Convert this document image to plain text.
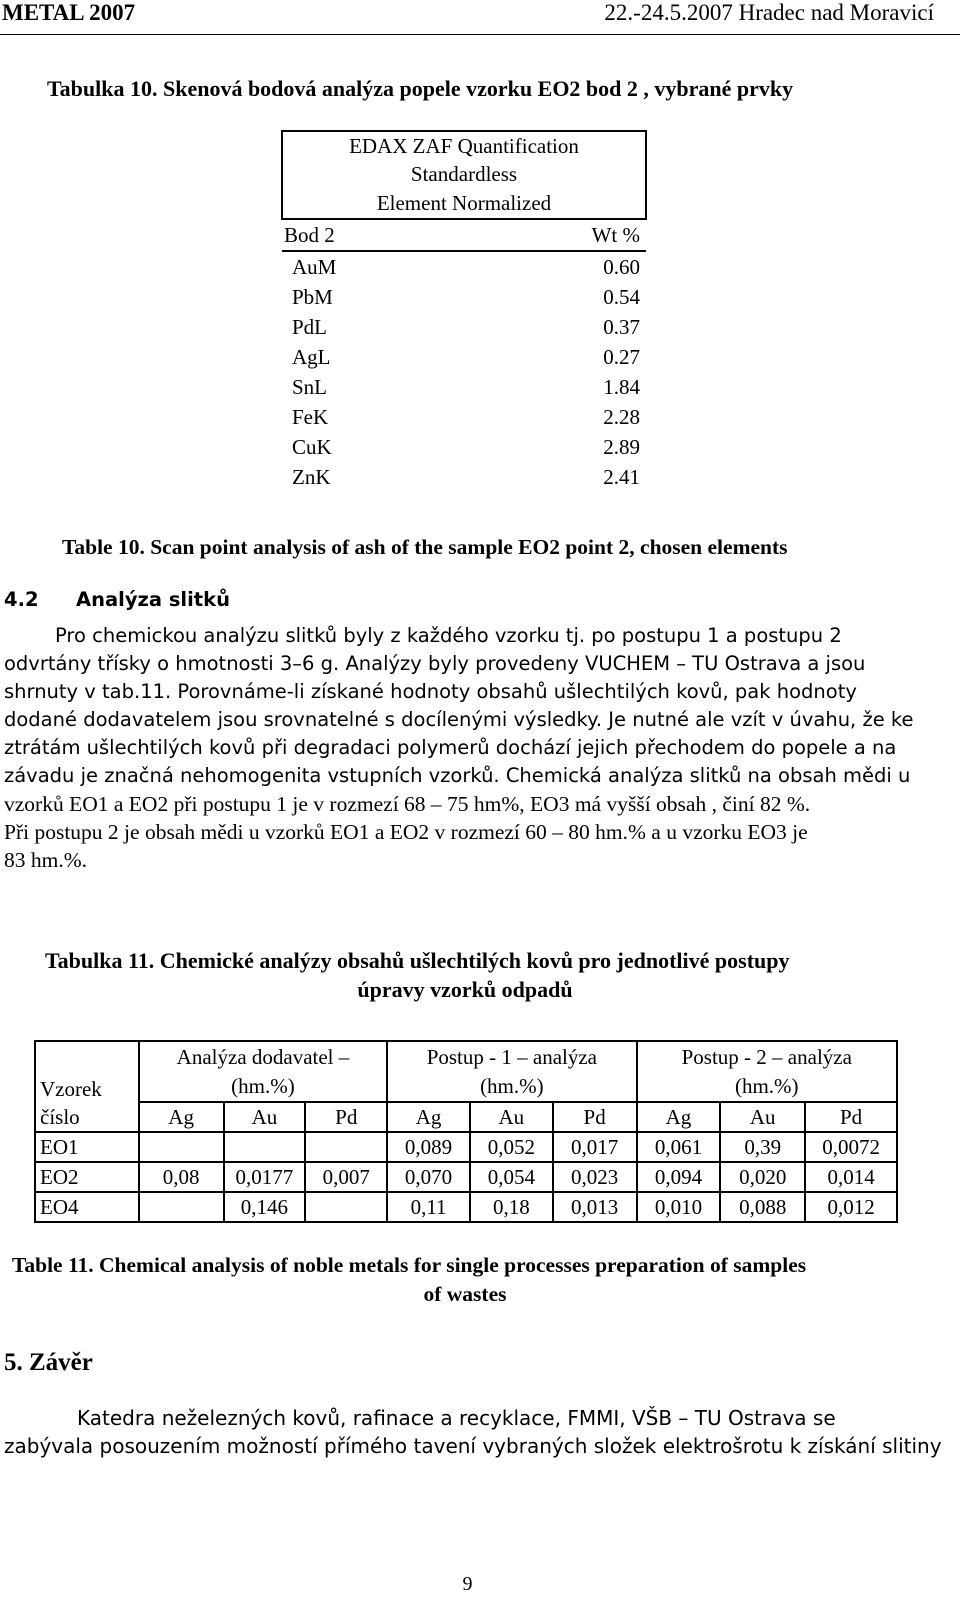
METAL 2007	22.-24.5.2007 Hradec nad Moravicí
Tabulka 10. Skenová bodová analýza popele vzorku EO2 bod 2 , vybrané prvky
EDAX ZAF Quantification	
Standardless	
Element Normalized	
Bod 2	Wt %
AuM	0.60
PbM	0.54
PdL	0.37
AgL	0.27
SnL	1.84
FeK	2.28
CuK	2.89
ZnK	2.41
Table 10. Scan point analysis of ash of the sample EO2 point 2, chosen elements
4.2 Analýza slitků
Pro chemickou analýzu slitků byly z každého vzorku tj. po postupu 1 a postupu 2
odvrtány třísky o hmotnosti 3–6 g. Analýzy byly provedeny VUCHEM – TU Ostrava a jsou
shrnuty v tab.11. Porovnáme-li získané hodnoty obsahů ušlechtilých kovů, pak hodnoty
dodané dodavatelem jsou srovnatelné s docílenými výsledky. Je nutné ale vzít v úvahu, že ke
ztrátám ušlechtilých kovů při degradaci polymerů dochází jejich přechodem do popele a na
závadu je značná nehomogenita vstupních vzorků. Chemická analýza slitků na obsah mědi u
vzorků EO1 a EO2 při postupu 1 je v rozmezí 68 – 75 hm%, EO3 má vyšší obsah , činí 82 %.
Při postupu 2 je obsah mědi u vzorků EO1 a EO2 v rozmezí 60 – 80 hm.% a u vzorku EO3 je
83 hm.%.
Tabulka 11. Chemické analýzy obsahů ušlechtilých kovů pro jednotlivé postupy
úpravy vzorků odpadů
Vzorek	Analýza dodavatel –			Postup - 1 – analýza			Postup - 2 – analýza		
	(hm.%)			(hm.%)			(hm.%)		
číslo	Ag	Au	Pd	Ag	Au	Pd	Ag	Au	Pd
EO1				0,089	0,052	0,017	0,061	0,39	0,0072
EO2	0,08	0,0177	0,007	0,070	0,054	0,023	0,094	0,020	0,014
EO4		0,146		0,11	0,18	0,013	0,010	0,088	0,012
Table 11. Chemical analysis of noble metals for single processes preparation of samples
of wastes
5. Závěr
Katedra neželezných kovů, rafinace a recyklace, FMMI, VŠB – TU Ostrava se
zabývala posouzením možností přímého tavení vybraných složek elektrošrotu k získání slitiny
9
